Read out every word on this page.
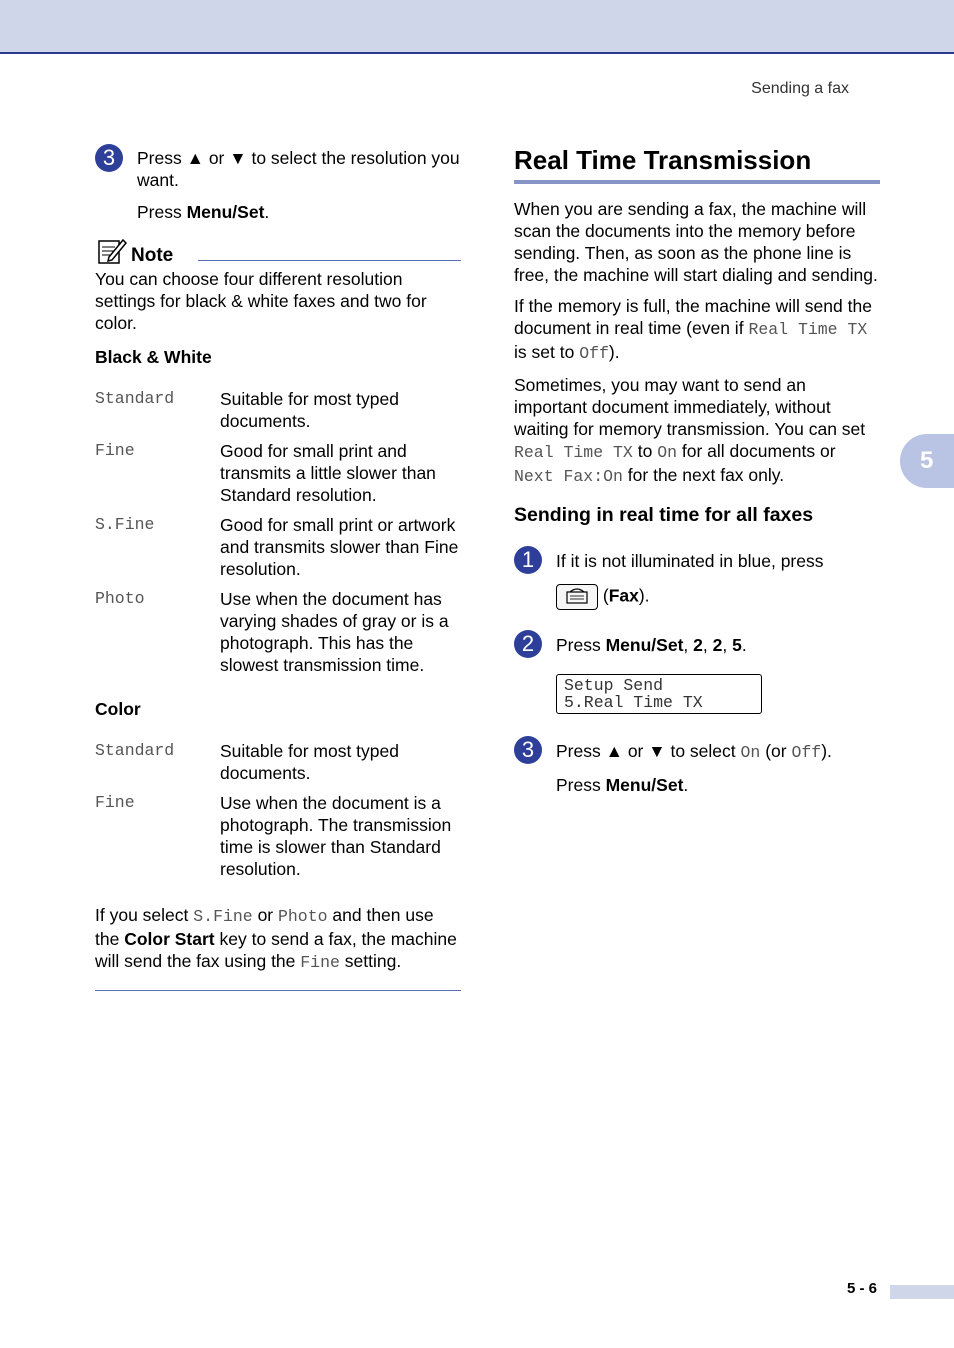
Sending a fax
5
3	Press ▲ or ▼ to select the resolution you want.

Press Menu/Set.

Note

You can choose four different resolution settings for black & white faxes and two for color.

Black & White

Standard	Suitable for most typed documents.
Fine	Good for small print and transmits a little slower than Standard resolution.
S.Fine	Good for small print or artwork and transmits slower than Fine resolution.
Photo	Use when the document has varying shades of gray or is a photograph. This has the slowest transmission time.

Color

Standard	Suitable for most typed documents.
Fine	Use when the document is a photograph. The transmission time is slower than Standard resolution.

If you select S.Fine or Photo and then use the Color Start key to send a fax, the machine will send the fax using the Fine setting.

Real Time Transmission

When you are sending a fax, the machine will scan the documents into the memory before sending. Then, as soon as the phone line is free, the machine will start dialing and sending.

If the memory is full, the machine will send the document in real time (even if Real Time TX is set to Off).

Sometimes, you may want to send an important document immediately, without waiting for memory transmission. You can set Real Time TX to On for all documents or Next Fax:On for the next fax only.

Sending in real time for all faxes
1	If it is not illuminated in blue, press

(Fax).

2	Press Menu/Set, 2, 2, 5.

Setup Send
5.Real Time TX
3	Press ▲ or ▼ to select On (or Off).

Press Menu/Set.

5 - 6
